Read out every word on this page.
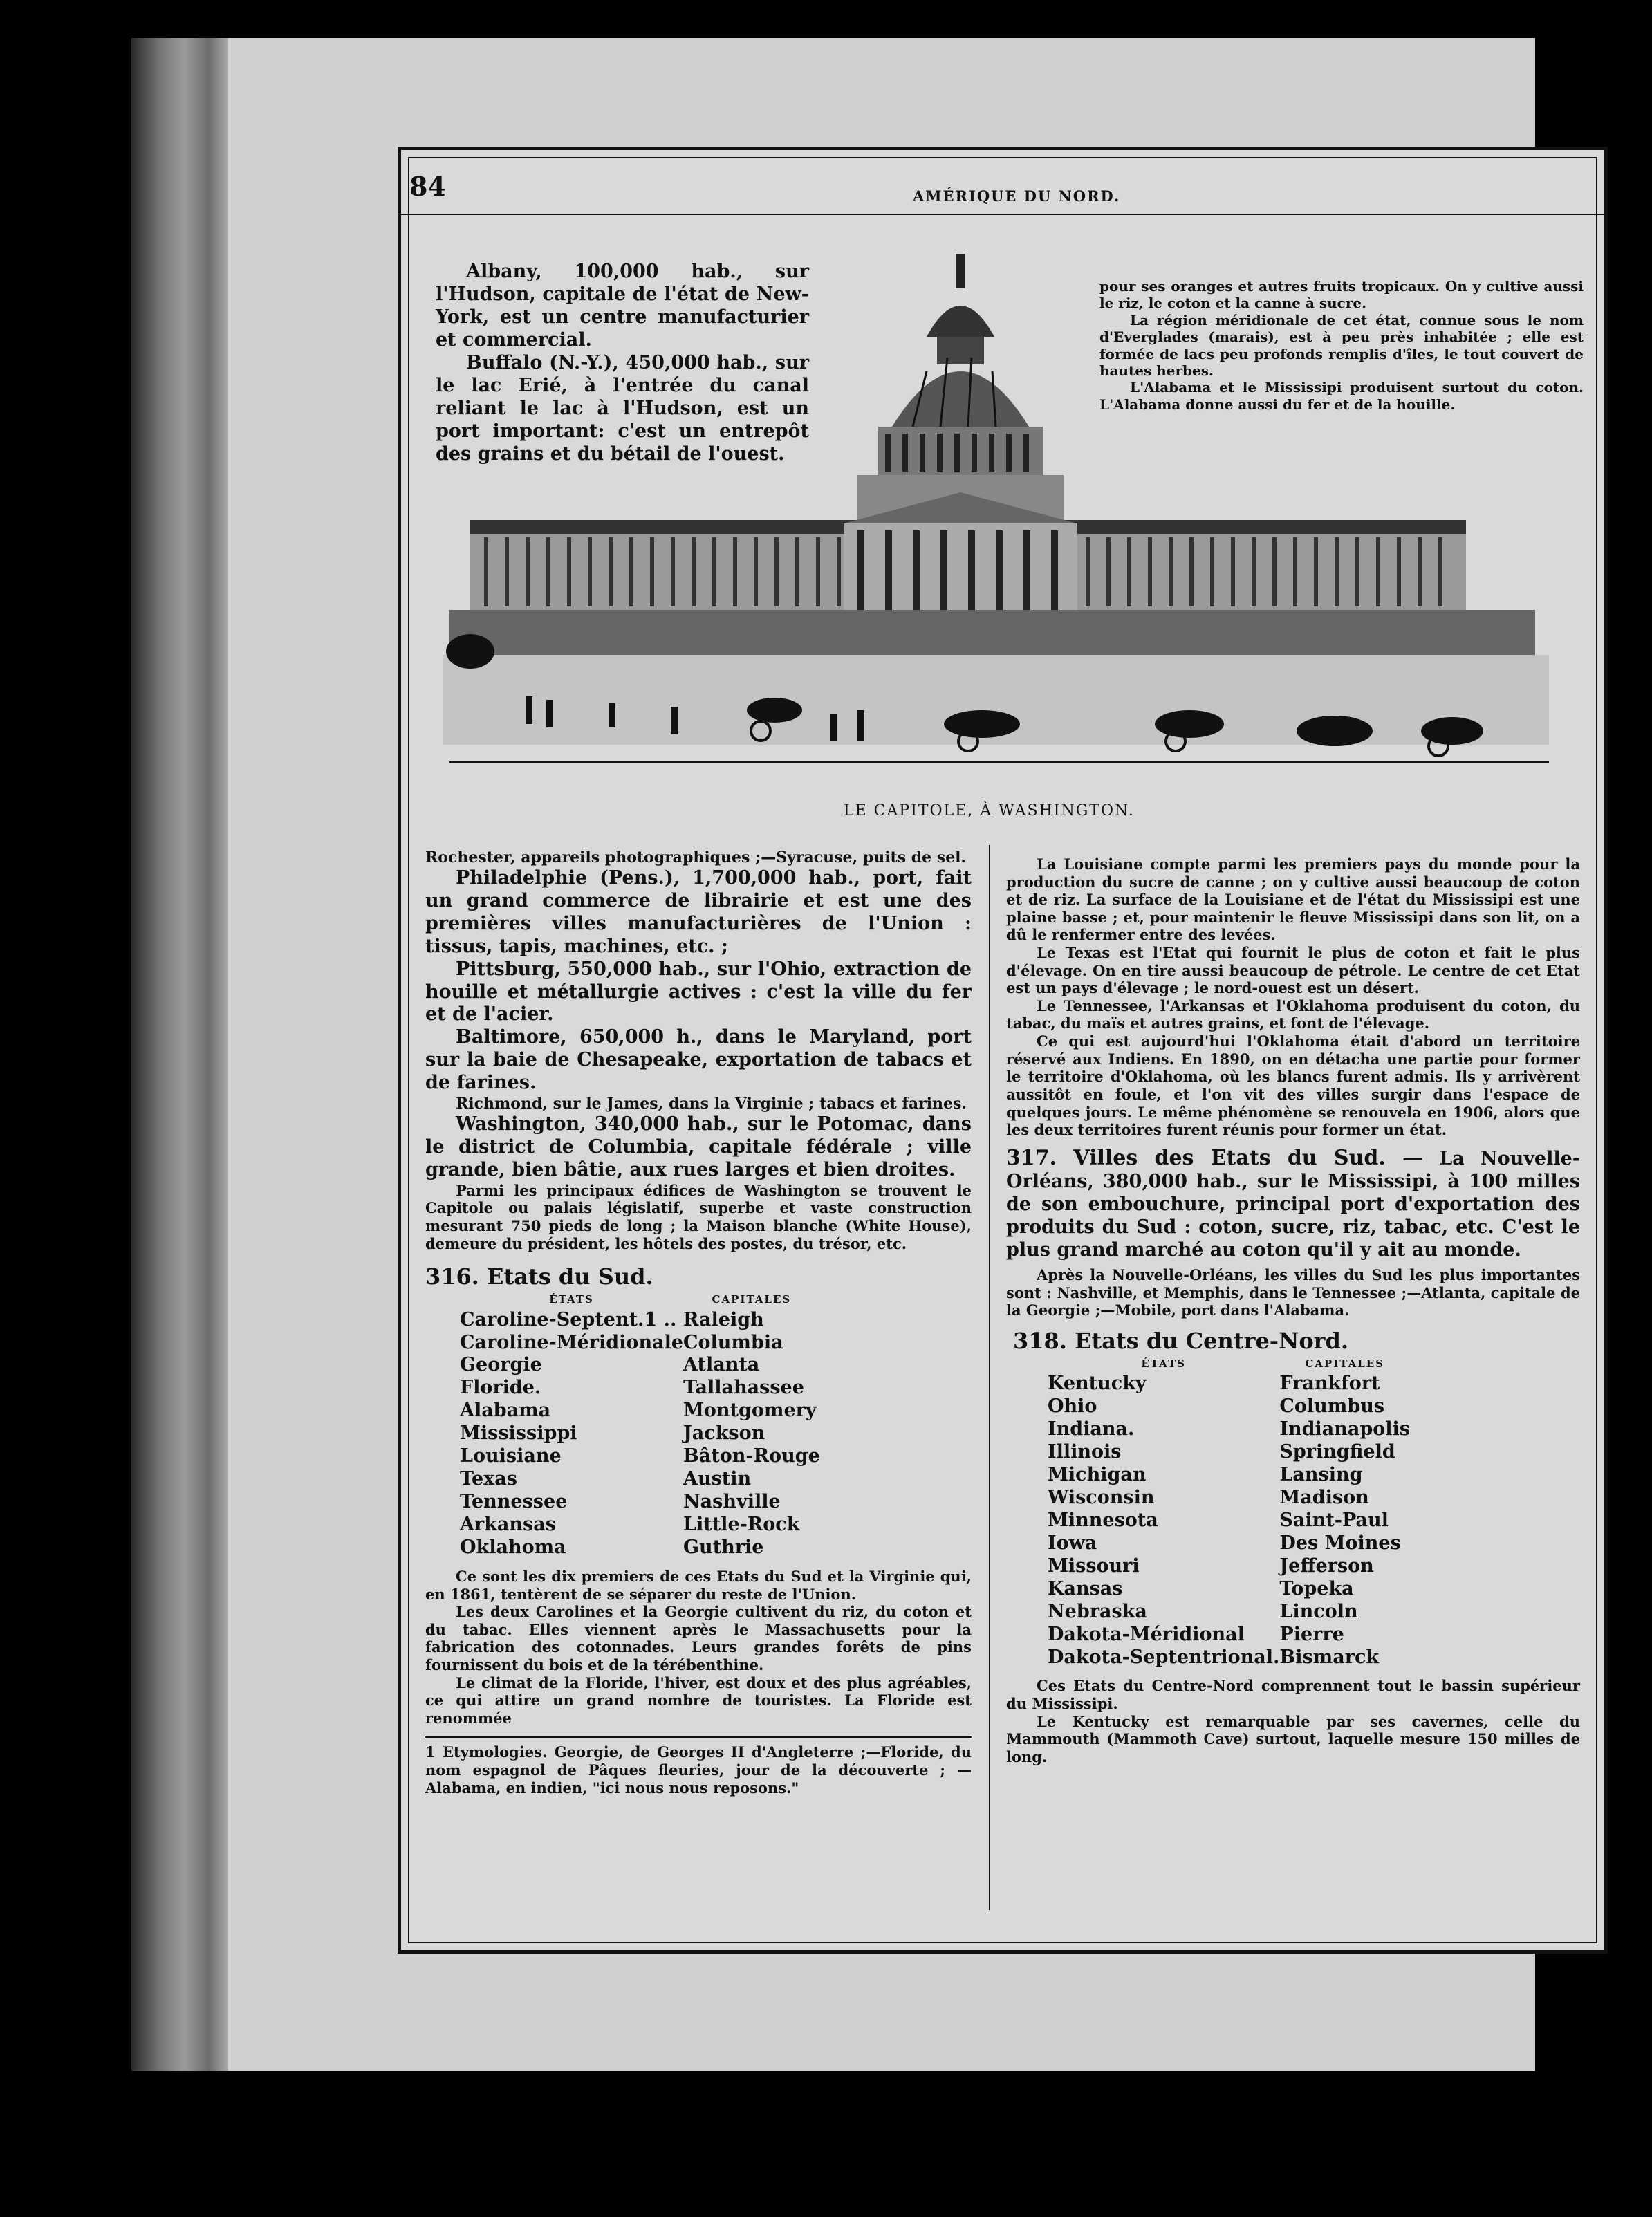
84	AMÉRIQUE DU NORD.

Albany, 100,000 hab., sur l'Hudson, capitale de l'état de New-York, est un centre manufacturier et commercial.

Buffalo (N.-Y.), 450,000 hab., sur le lac Erié, à l'entrée du canal reliant le lac à l'Hudson, est un port important: c'est un entrepôt des grains et du bétail de l'ouest.

pour ses oranges et autres fruits tropicaux. On y cultive aussi le riz, le coton et la canne à sucre.

La région méridionale de cet état, connue sous le nom d'Everglades (marais), est à peu près inhabitée ; elle est formée de lacs peu profonds remplis d'îles, le tout couvert de hautes herbes.

L'Alabama et le Mississipi produisent surtout du coton. L'Alabama donne aussi du fer et de la houille.

LE CAPITOLE, À WASHINGTON.

Rochester, appareils photographiques ;—Syracuse, puits de sel.

Philadelphie (Pens.), 1,700,000 hab., port, fait un grand commerce de librairie et est une des premières villes manufacturières de l'Union : tissus, tapis, machines, etc. ;

Pittsburg, 550,000 hab., sur l'Ohio, extraction de houille et métallurgie actives : c'est la ville du fer et de l'acier.

Baltimore, 650,000 h., dans le Maryland, port sur la baie de Chesapeake, exportation de tabacs et de farines.

Richmond, sur le James, dans la Virginie ; tabacs et farines.

Washington, 340,000 hab., sur le Potomac, dans le district de Columbia, capitale fédérale ; ville grande, bien bâtie, aux rues larges et bien droites.

Parmi les principaux édifices de Washington se trouvent le Capitole ou palais législatif, superbe et vaste construction mesurant 750 pieds de long ; la Maison blanche (White House), demeure du président, les hôtels des postes, du trésor, etc.

316. Etats du Sud.

ÉTATS	CAPITALES
Caroline-Septent.1 ..	Raleigh
Caroline-Méridionale	Columbia
Georgie	Atlanta
Floride.	Tallahassee
Alabama	Montgomery
Mississippi	Jackson
Louisiane	Bâton-Rouge
Texas	Austin
Tennessee	Nashville
Arkansas	Little-Rock
Oklahoma	Guthrie

Ce sont les dix premiers de ces Etats du Sud et la Virginie qui, en 1861, tentèrent de se séparer du reste de l'Union.

Les deux Carolines et la Georgie cultivent du riz, du coton et du tabac. Elles viennent après le Massachusetts pour la fabrication des cotonnades. Leurs grandes forêts de pins fournissent du bois et de la térébenthine.

Le climat de la Floride, l'hiver, est doux et des plus agréables, ce qui attire un grand nombre de touristes. La Floride est renommée

1 Etymologies. Georgie, de Georges II d'Angleterre ;—Floride, du nom espagnol de Pâques fleuries, jour de la découverte ; — Alabama, en indien, "ici nous nous reposons."

La Louisiane compte parmi les premiers pays du monde pour la production du sucre de canne ; on y cultive aussi beaucoup de coton et de riz. La surface de la Louisiane et de l'état du Mississipi est une plaine basse ; et, pour maintenir le fleuve Mississipi dans son lit, on a dû le renfermer entre des levées.

Le Texas est l'Etat qui fournit le plus de coton et fait le plus d'élevage. On en tire aussi beaucoup de pétrole. Le centre de cet Etat est un pays d'élevage ; le nord-ouest est un désert.

Le Tennessee, l'Arkansas et l'Oklahoma produisent du coton, du tabac, du maïs et autres grains, et font de l'élevage.

Ce qui est aujourd'hui l'Oklahoma était d'abord un territoire réservé aux Indiens. En 1890, on en détacha une partie pour former le territoire d'Oklahoma, où les blancs furent admis. Ils y arrivèrent aussitôt en foule, et l'on vit des villes surgir dans l'espace de quelques jours. Le même phénomène se renouvela en 1906, alors que les deux territoires furent réunis pour former un état.

317. Villes des Etats du Sud. — La Nouvelle-Orléans, 380,000 hab., sur le Mississipi, à 100 milles de son embouchure, principal port d'exportation des produits du Sud : coton, sucre, riz, tabac, etc. C'est le plus grand marché au coton qu'il y ait au monde.

Après la Nouvelle-Orléans, les villes du Sud les plus importantes sont : Nashville, et Memphis, dans le Tennessee ;—Atlanta, capitale de la Georgie ;—Mobile, port dans l'Alabama.

318. Etats du Centre-Nord.

ÉTATS	CAPITALES
Kentucky	Frankfort
Ohio	Columbus
Indiana.	Indianapolis
Illinois	Springfield
Michigan	Lansing
Wisconsin	Madison
Minnesota	Saint-Paul
Iowa	Des Moines
Missouri	Jefferson
Kansas	Topeka
Nebraska	Lincoln
Dakota-Méridional	Pierre
Dakota-Septentrional.	Bismarck

Ces Etats du Centre-Nord comprennent tout le bassin supérieur du Mississipi.

Le Kentucky est remarquable par ses cavernes, celle du Mammouth (Mammoth Cave) surtout, laquelle mesure 150 milles de long.
